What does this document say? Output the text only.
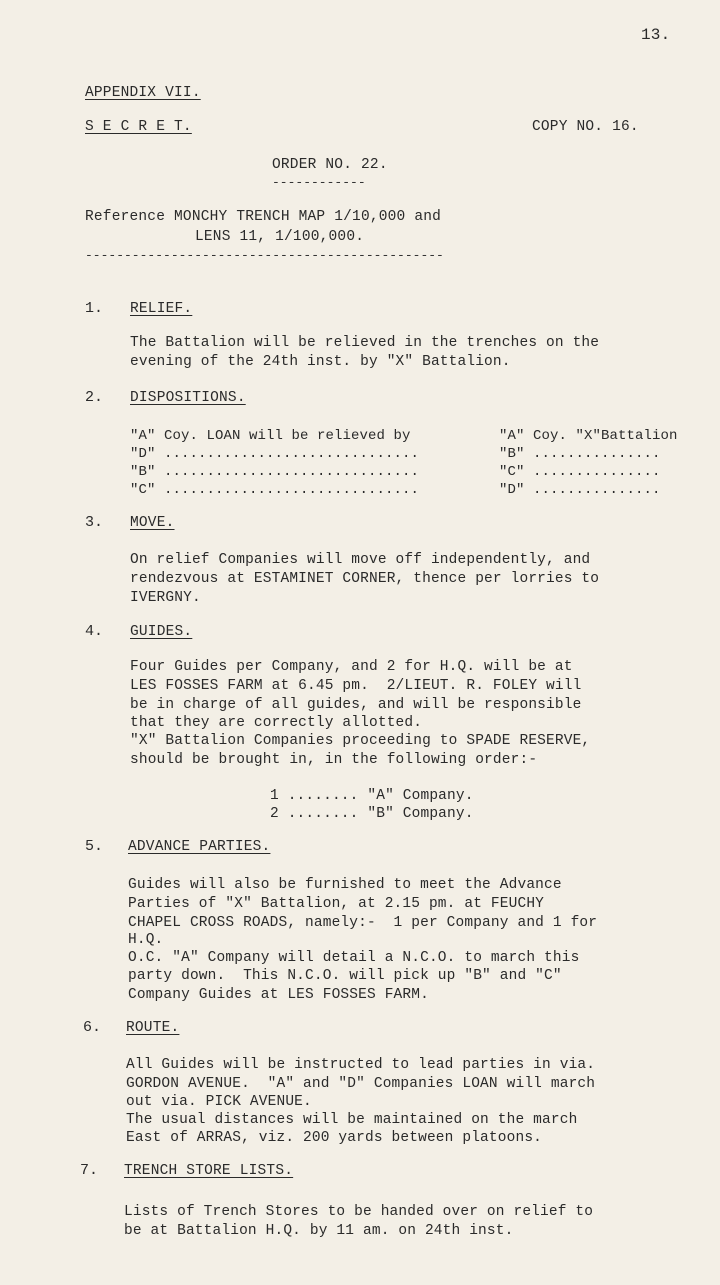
13.
APPENDIX VII.
S E C R E T.	COPY NO. 16.
ORDER NO. 22.
------------
Reference MONCHY TRENCH MAP 1/10,000 and
LENS 11, 1/100,000.
----------------------------------------------
1. RELIEF.
The Battalion will be relieved in the trenches on the
evening of the 24th inst. by "X" Battalion.
2. DISPOSITIONS.
"A" Coy. LOAN will be relieved by	"A" Coy. "X"Battalion
"D" ..............................	"B" ...............
"B" ..............................	"C" ...............
"C" ..............................	"D" ...............
3. MOVE.
On relief Companies will move off independently, and
rendezvous at ESTAMINET CORNER, thence per lorries to
IVERGNY.
4. GUIDES.
Four Guides per Company, and 2 for H.Q. will be at
LES FOSSES FARM at 6.45 pm.  2/LIEUT. R. FOLEY will
be in charge of all guides, and will be responsible
that they are correctly allotted.
"X" Battalion Companies proceeding to SPADE RESERVE,
should be brought in, in the following order:-
1 ........ "A" Company.
2 ........ "B" Company.
5. ADVANCE PARTIES.
Guides will also be furnished to meet the Advance
Parties of "X" Battalion, at 2.15 pm. at FEUCHY
CHAPEL CROSS ROADS, namely:-  1 per Company and 1 for
H.Q.
O.C. "A" Company will detail a N.C.O. to march this
party down.  This N.C.O. will pick up "B" and "C"
Company Guides at LES FOSSES FARM.
6. ROUTE.
All Guides will be instructed to lead parties in via.
GORDON AVENUE.  "A" and "D" Companies LOAN will march
out via. PICK AVENUE.
The usual distances will be maintained on the march
East of ARRAS, viz. 200 yards between platoons.
7. TRENCH STORE LISTS.
Lists of Trench Stores to be handed over on relief to
be at Battalion H.Q. by 11 am. on 24th inst.
